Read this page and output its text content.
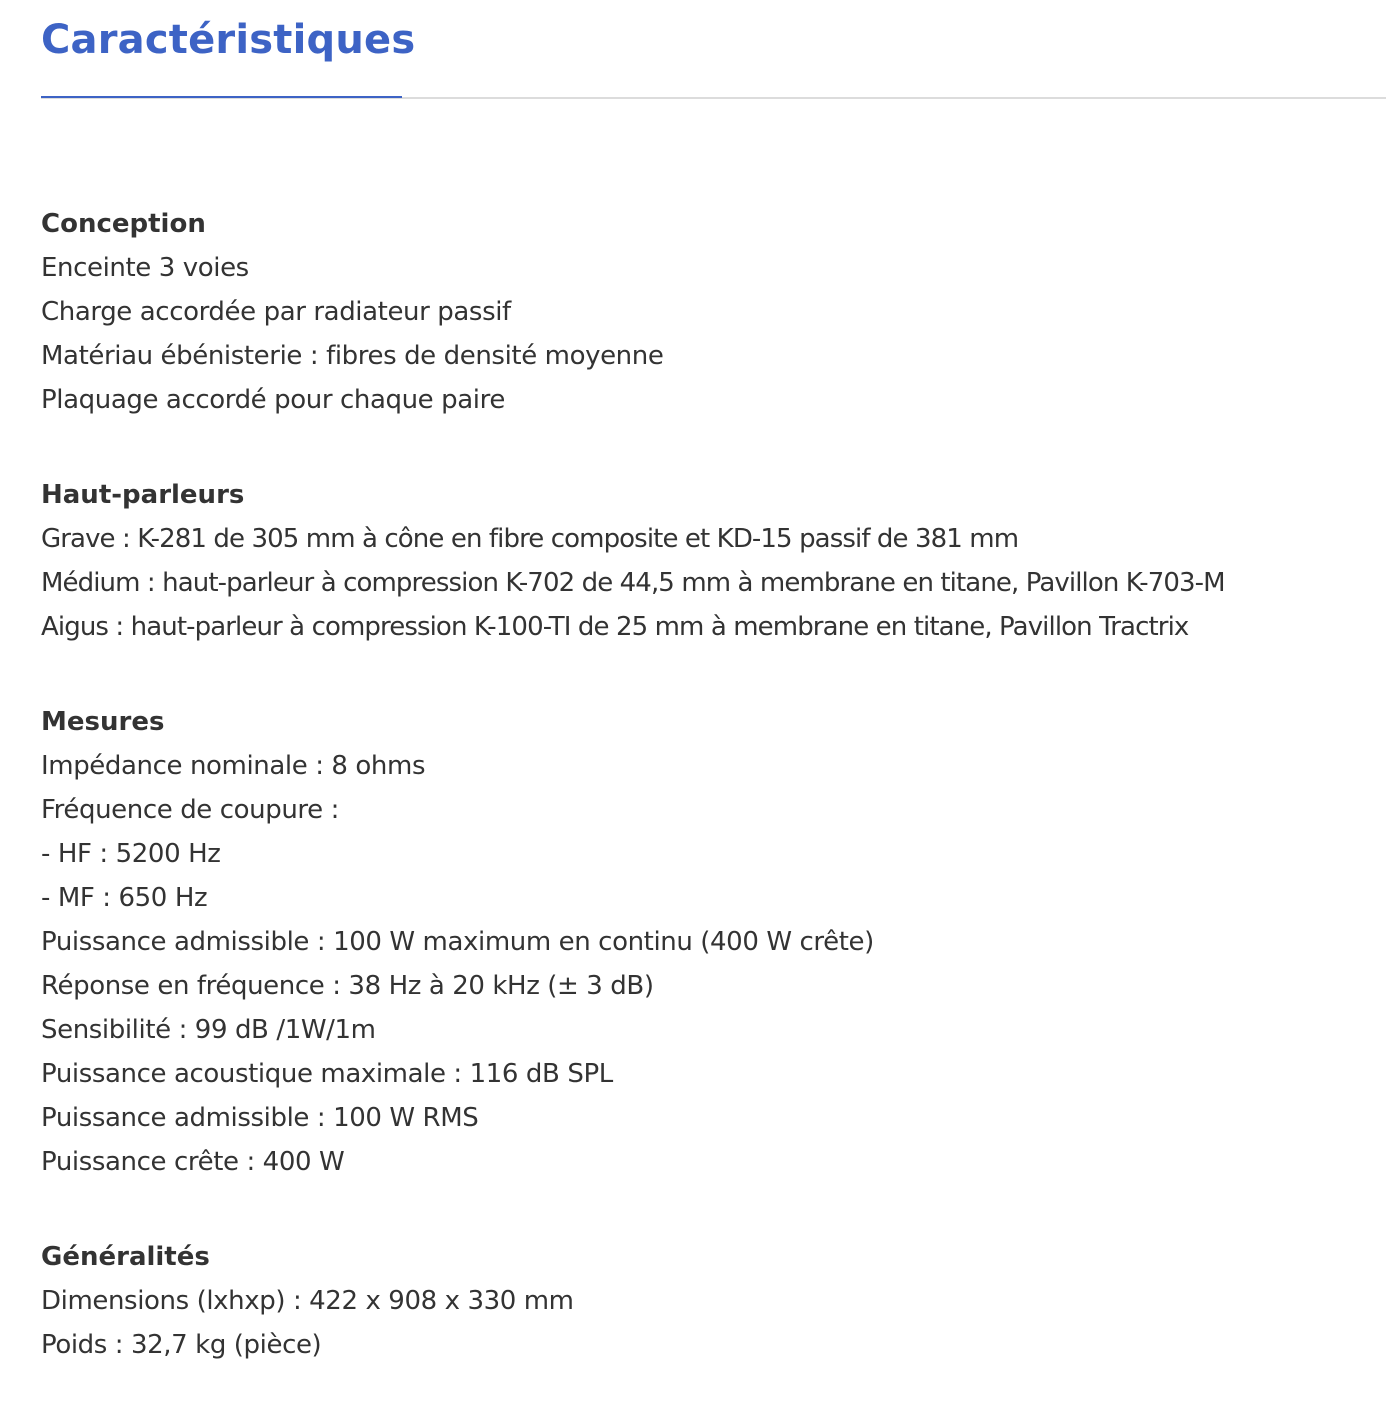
Caractéristiques

Conception

Enceinte 3 voies

Charge accordée par radiateur passif

Matériau ébénisterie : fibres de densité moyenne

Plaquage accordé pour chaque paire

Haut-parleurs

Grave : K-281 de 305 mm à cône en fibre composite et KD-15 passif de 381 mm

Médium : haut-parleur à compression K-702 de 44,5 mm à membrane en titane, Pavillon K-703-M

Aigus : haut-parleur à compression K-100-TI de 25 mm à membrane en titane, Pavillon Tractrix

Mesures

Impédance nominale : 8 ohms

Fréquence de coupure :

- HF : 5200 Hz

- MF : 650 Hz

Puissance admissible : 100 W maximum en continu (400 W crête)

Réponse en fréquence : 38 Hz à 20 kHz (± 3 dB)

Sensibilité : 99 dB /1W/1m

Puissance acoustique maximale : 116 dB SPL

Puissance admissible : 100 W RMS

Puissance crête : 400 W

Généralités

Dimensions (lxhxp) : 422 x 908 x 330 mm

Poids : 32,7 kg (pièce)
